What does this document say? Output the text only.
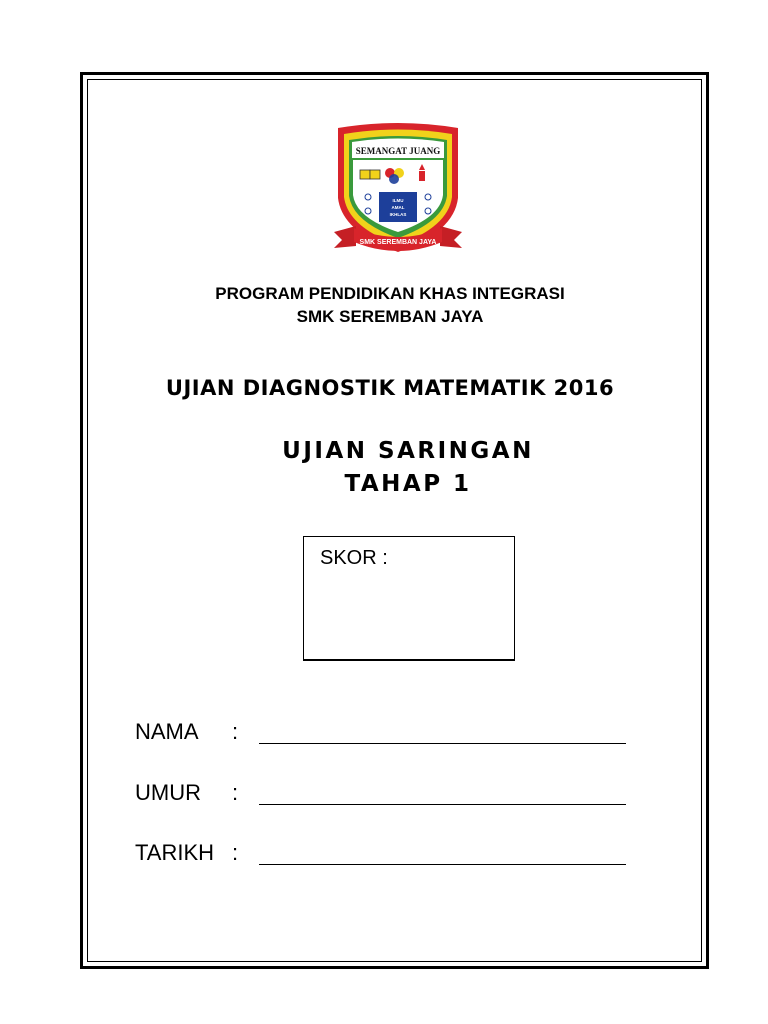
SEMANGAT JUANG
ILMU
AMAL
IKHLAS
SMK SEREMBAN JAYA
PROGRAM PENDIDIKAN KHAS INTEGRASI
SMK SEREMBAN JAYA
UJIAN DIAGNOSTIK MATEMATIK 2016
UJIAN SARINGAN
TAHAP 1
SKOR :
NAMA :
UMUR :
TARIKH :
